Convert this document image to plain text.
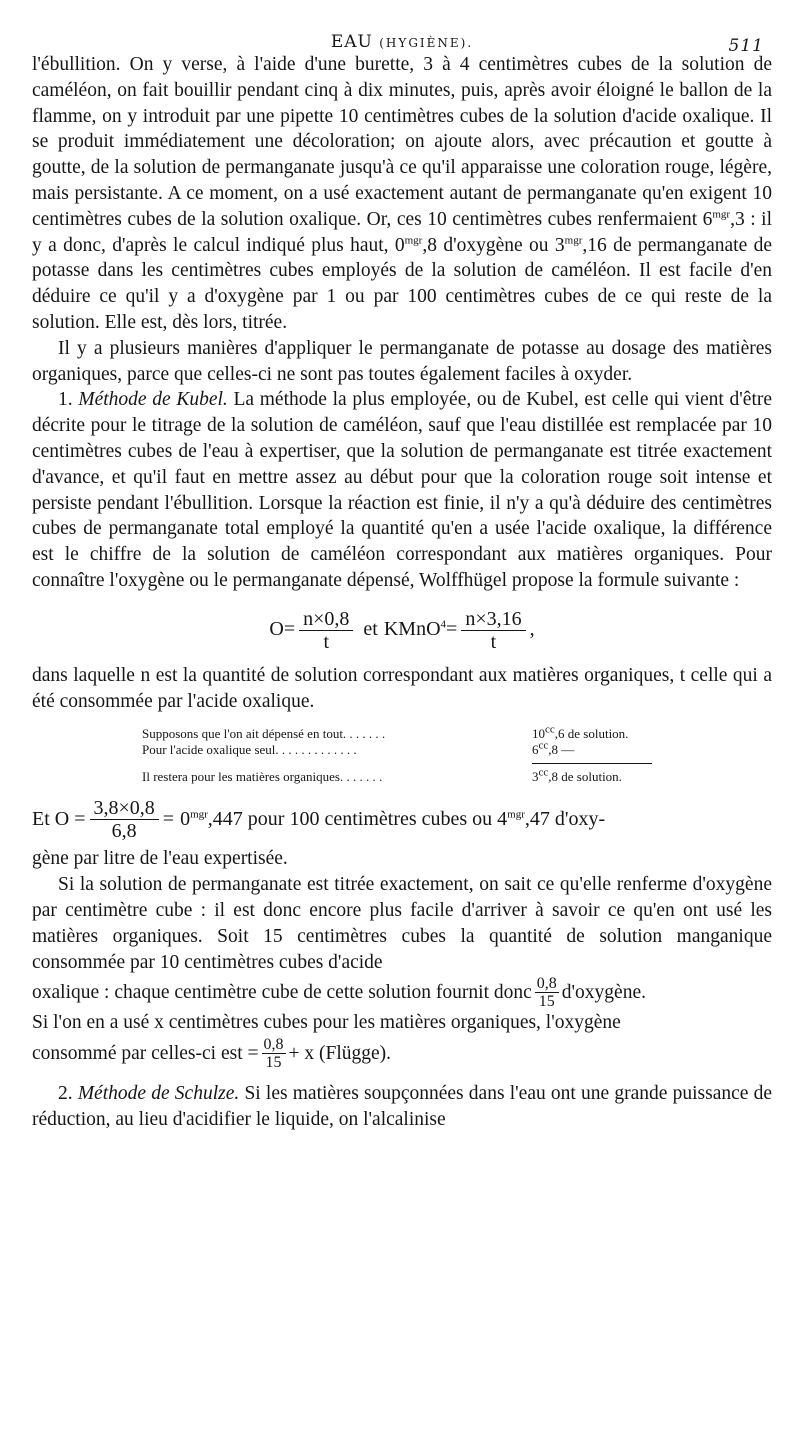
EAU (HYGIÈNE).	511

l'ébullition. On y verse, à l'aide d'une burette, 3 à 4 centimètres cubes de la solution de caméléon, on fait bouillir pendant cinq à dix minutes, puis, après avoir éloigné le ballon de la flamme, on y introduit par une pipette 10 centimètres cubes de la solution d'acide oxalique. Il se produit immédiatement une décoloration; on ajoute alors, avec précaution et goutte à goutte, de la solution de permanganate jusqu'à ce qu'il apparaisse une coloration rouge, légère, mais persistante. A ce moment, on a usé exactement autant de permanganate qu'en exigent 10 centimètres cubes de la solution oxalique. Or, ces 10 centimètres cubes renfermaient $6^{mgr},3$ : il y a donc, d'après le calcul indiqué plus haut, $0^{mgr},8$ d'oxygène ou $3^{mgr},16$ de permanganate de potasse dans les centimètres cubes employés de la solution de caméléon. Il est facile d'en déduire ce qu'il y a d'oxygène par 1 ou par 100 centimètres cubes de ce qui reste de la solution. Elle est, dès lors, titrée.

Il y a plusieurs manières d'appliquer le permanganate de potasse au dosage des matières organiques, parce que celles-ci ne sont pas toutes également faciles à oxyder.

1. Méthode de Kubel. La méthode la plus employée, ou de Kubel, est celle qui vient d'être décrite pour le titrage de la solution de caméléon, sauf que l'eau distillée est remplacée par 10 centimètres cubes de l'eau à expertiser, que la solution de permanganate est titrée exactement d'avance, et qu'il faut en mettre assez au début pour que la coloration rouge soit intense et persiste pendant l'ébullition. Lorsque la réaction est finie, il n'y a qu'à déduire des centimètres cubes de permanganate total employé la quantité qu'en a usée l'acide oxalique, la différence est le chiffre de la solution de caméléon correspondant aux matières organiques. Pour connaître l'oxygène ou le permanganate dépensé, Wolffhügel propose la formule suivante :

$O = \frac{n\times 0,8}{t}$ et KMnO$^4$ = $\frac{n\times 3,16}{t}$ ,

dans laquelle n est la quantité de solution correspondant aux matières organiques, t celle qui a été consommée par l'acide oxalique.

Supposons que l'on ait dépensé en tout. . . . . . .	$10^{cc},6$ de solution.
Pour l'acide oxalique seul. . . . . . . . . . . . .	$6^{cc},8$ —
Il restera pour les matières organiques. . . . . . .	$3^{cc},8$ de solution.
Et $O = \frac{3,8\times 0,8}{6,8} = 0^{mgr},447$ pour 100 centimètres cubes ou $4^{mgr},47$ d'oxy-

gène par litre de l'eau expertisée.

Si la solution de permanganate est titrée exactement, on sait ce qu'elle renferme d'oxygène par centimètre cube : il est donc encore plus facile d'arriver à savoir ce qu'en ont usé les matières organiques. Soit 15 centimètres cubes la quantité de solution manganique consommée par 10 centimètres cubes d'acide

oxalique : chaque centimètre cube de cette solution fournit donc $\frac{0,8}{15}$ d'oxygène.

Si l'on en a usé x centimètres cubes pour les matières organiques, l'oxygène

consommé par celles-ci est = $\frac{0,8}{15} + x$ (Flügge).

2. Méthode de Schulze. Si les matières soupçonnées dans l'eau ont une grande puissance de réduction, au lieu d'acidifier le liquide, on l'alcalinise
